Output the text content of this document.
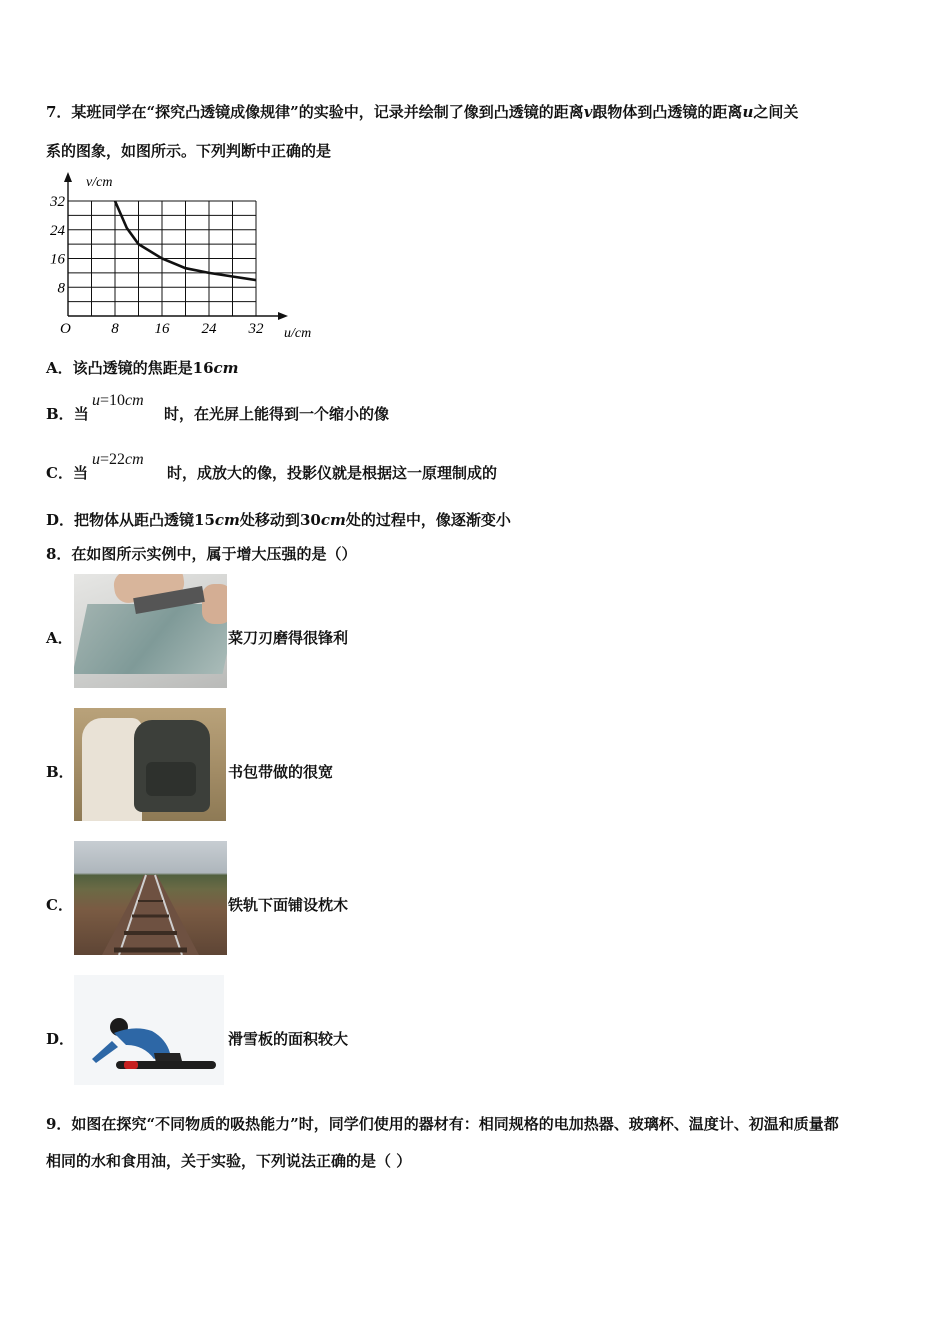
7．某班同学在“探究凸透镜成像规律”的实验中，记录并绘制了像到凸透镜的距离v跟物体到凸透镜的距离u之间关
系的图象，如图所示。下列判断中正确的是
8 16 24 32
8
16
24
32
v/cm
u/cm
O
A．该凸透镜的焦距是16cm
B．当
u=10cm
时，在光屏上能得到一个缩小的像
C．当
u=22cm
时，成放大的像，投影仪就是根据这一原理制成的
D．把物体从距凸透镜15cm处移动到30cm处的过程中，像逐渐变小
8．在如图所示实例中，属于增大压强的是（）
A．	菜刀刃磨得很锋利
B．	书包带做的很宽
C．	铁轨下面铺设枕木
D．	滑雪板的面积较大
9．如图在探究“不同物质的吸热能力”时，同学们使用的器材有：相同规格的电加热器、玻璃杯、温度计、初温和质量都
相同的水和食用油，关于实验，下列说法正确的是（ ）
